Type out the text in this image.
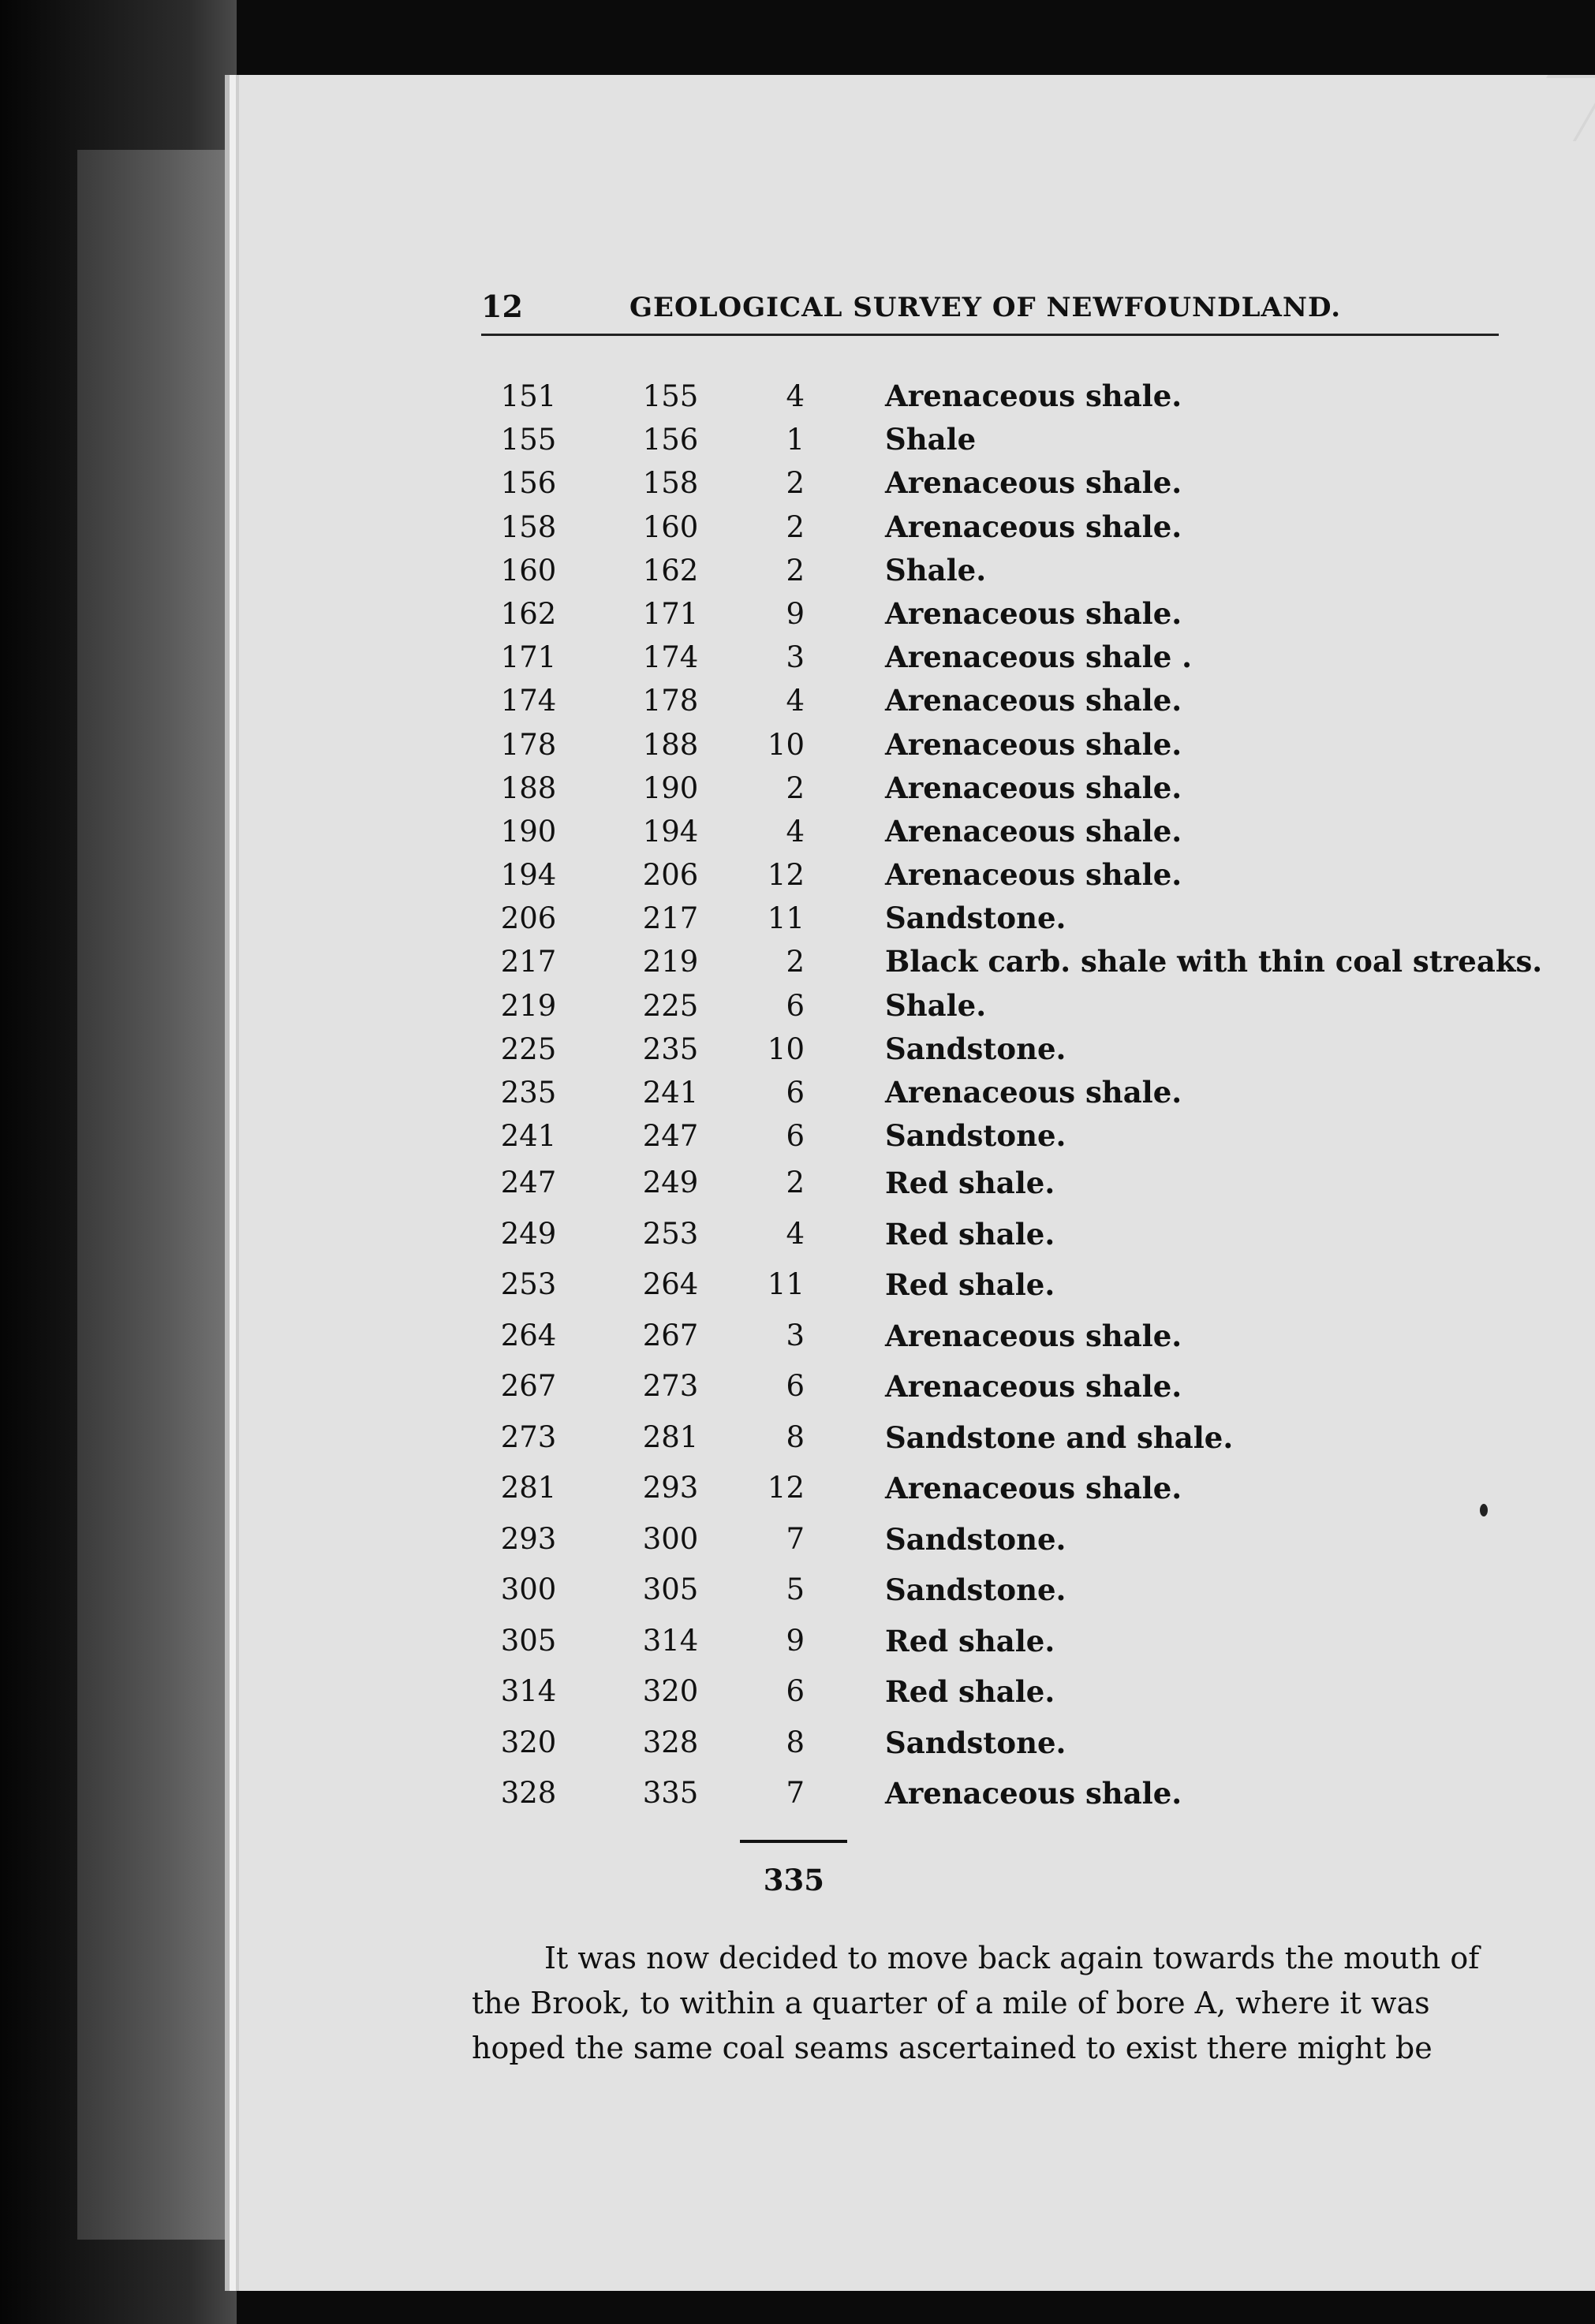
12	GEOLOGICAL SURVEY OF NEWFOUNDLAND.
151	155	4	Arenaceous shale.
155	156	1	Shale
156	158	2	Arenaceous shale.
158	160	2	Arenaceous shale.
160	162	2	Shale.
162	171	9	Arenaceous shale.
171	174	3	Arenaceous shale .
174	178	4	Arenaceous shale.
178	188	10	Arenaceous shale.
188	190	2	Arenaceous shale.
190	194	4	Arenaceous shale.
194	206	12	Arenaceous shale.
206	217	11	Sandstone.
217	219	2	Black carb. shale with thin coal streaks.
219	225	6	Shale.
225	235	10	Sandstone.
235	241	6	Arenaceous shale.
241	247	6	Sandstone.
247	249	2	Red shale.
249	253	4	Red shale.
253	264	11	Red shale.
264	267	3	Arenaceous shale.
267	273	6	Arenaceous shale.
273	281	8	Sandstone and shale.
281	293	12	Arenaceous shale.
293	300	7	Sandstone.
300	305	5	Sandstone.
305	314	9	Red shale.
314	320	6	Red shale.
320	328	8	Sandstone.
328	335	7	Arenaceous shale.
335
It was now decided to move back again towards the mouth of
the Brook, to within a quarter of a mile of bore A, where it was
hoped the same coal seams ascertained to exist there might be
